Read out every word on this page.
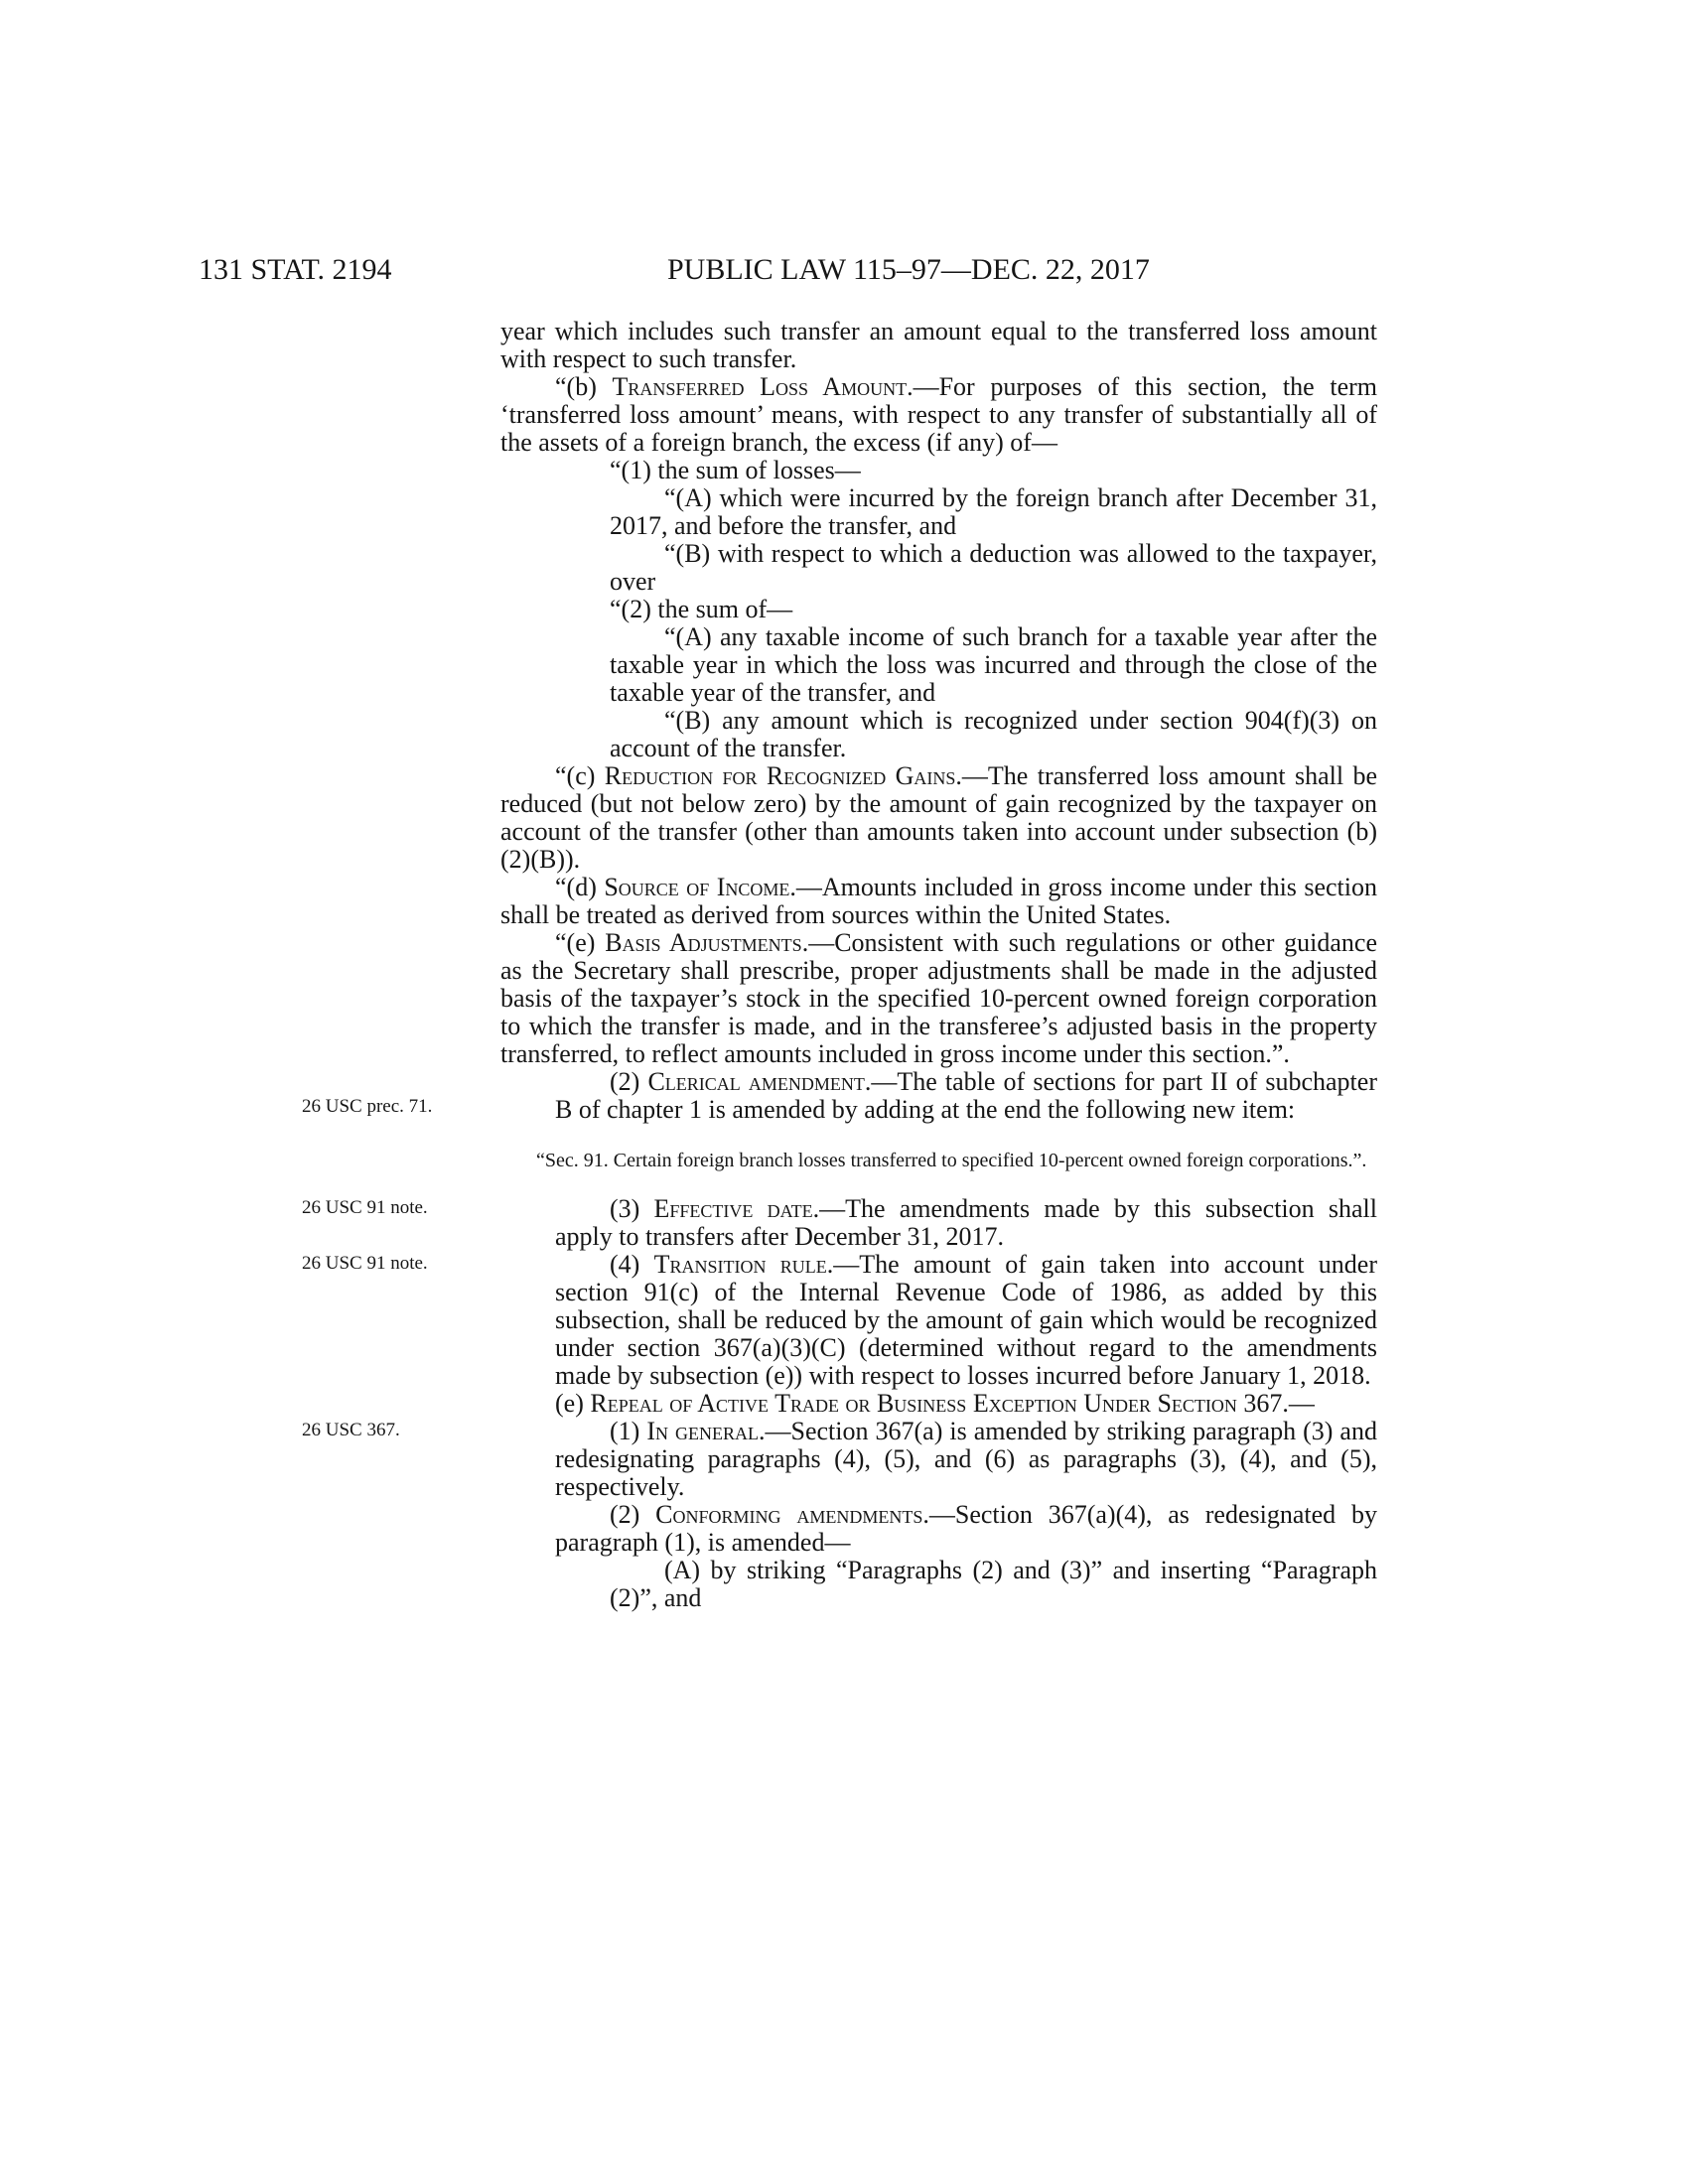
131 STAT. 2194	PUBLIC LAW 115–97—DEC. 22, 2017
year which includes such transfer an amount equal to the transferred loss amount with respect to such transfer.
“(b) Transferred Loss Amount.—For purposes of this section, the term ‘transferred loss amount’ means, with respect to any transfer of substantially all of the assets of a foreign branch, the excess (if any) of—
“(1) the sum of losses—
“(A) which were incurred by the foreign branch after December 31, 2017, and before the transfer, and
“(B) with respect to which a deduction was allowed to the taxpayer, over
“(2) the sum of—
“(A) any taxable income of such branch for a taxable year after the taxable year in which the loss was incurred and through the close of the taxable year of the transfer, and
“(B) any amount which is recognized under section 904(f)(3) on account of the transfer.
“(c) Reduction for Recognized Gains.—The transferred loss amount shall be reduced (but not below zero) by the amount of gain recognized by the taxpayer on account of the transfer (other than amounts taken into account under subsection (b)(2)(B)).
“(d) Source of Income.—Amounts included in gross income under this section shall be treated as derived from sources within the United States.
“(e) Basis Adjustments.—Consistent with such regulations or other guidance as the Secretary shall prescribe, proper adjustments shall be made in the adjusted basis of the taxpayer’s stock in the specified 10-percent owned foreign corporation to which the transfer is made, and in the transferee’s adjusted basis in the property transferred, to reflect amounts included in gross income under this section.”.
26 USC prec. 71.
(2) Clerical amendment.—The table of sections for part II of subchapter B of chapter 1 is amended by adding at the end the following new item:
“Sec. 91. Certain foreign branch losses transferred to specified 10-percent owned foreign corporations.”.
26 USC 91 note.	(3) Effective date.—The amendments made by this subsection shall apply to transfers after December 31, 2017.
26 USC 91 note.	(4) Transition rule.—The amount of gain taken into account under section 91(c) of the Internal Revenue Code of 1986, as added by this subsection, shall be reduced by the amount of gain which would be recognized under section 367(a)(3)(C) (determined without regard to the amendments made by subsection (e)) with respect to losses incurred before January 1, 2018.
(e) Repeal of Active Trade or Business Exception Under Section 367.—
26 USC 367.	(1) In general.—Section 367(a) is amended by striking paragraph (3) and redesignating paragraphs (4), (5), and (6) as paragraphs (3), (4), and (5), respectively.
(2) Conforming amendments.—Section 367(a)(4), as redesignated by paragraph (1), is amended—
(A) by striking “Paragraphs (2) and (3)” and inserting “Paragraph (2)”, and
